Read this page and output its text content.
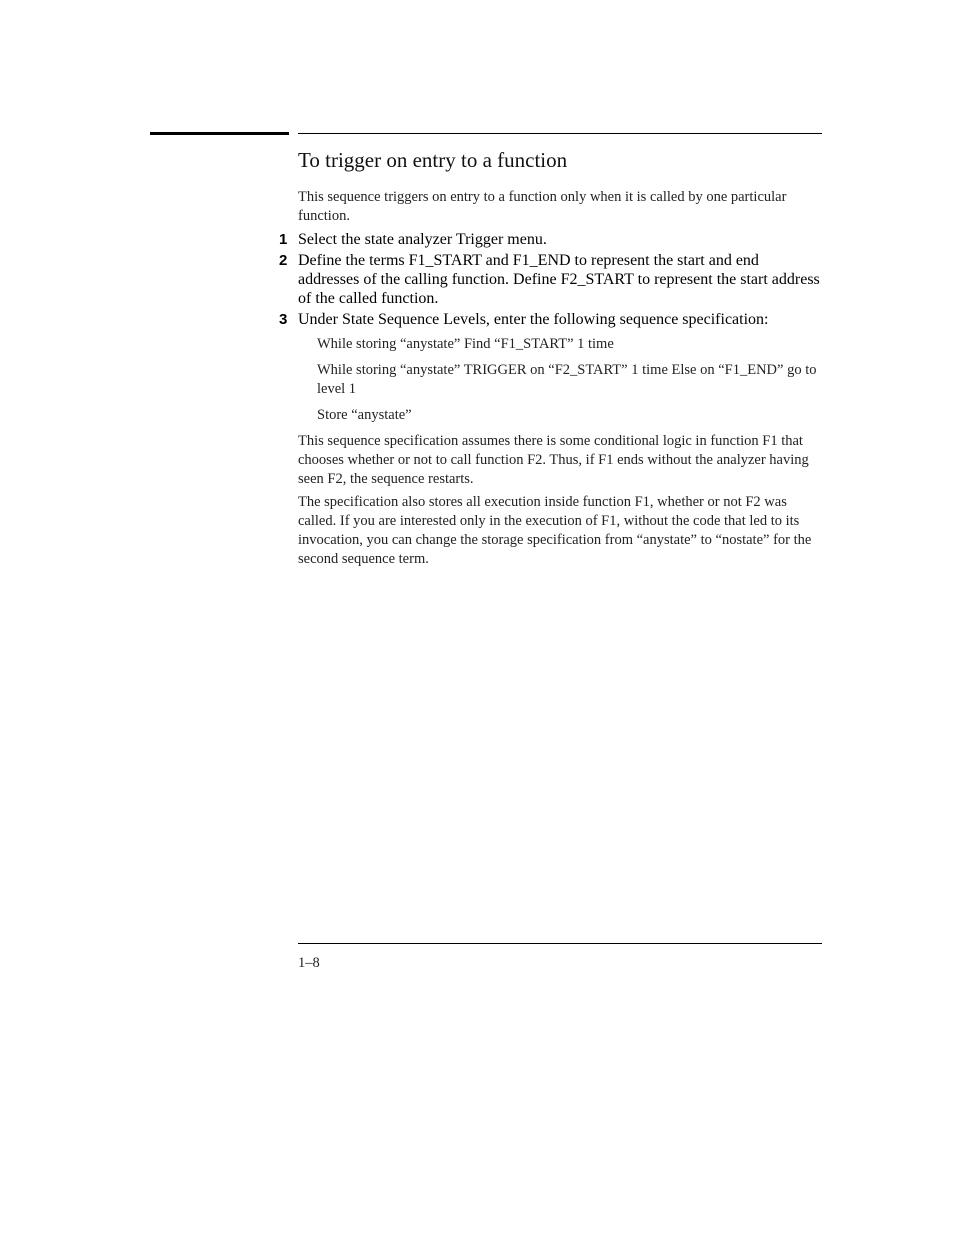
To trigger on entry to a function

This sequence triggers on entry to a function only when it is called by one particular function.

1 Select the state analyzer Trigger menu.
2 Define the terms F1_START and F1_END to represent the start and end addresses of the calling function. Define F2_START to represent the start address of the called function.
3 Under State Sequence Levels, enter the following sequence specification:

While storing “anystate” Find “F1_START” 1 time

While storing “anystate” TRIGGER on “F2_START” 1 time Else on “F1_END” go to level 1

Store “anystate”

This sequence specification assumes there is some conditional logic in function F1 that chooses whether or not to call function F2. Thus, if F1 ends without the analyzer having seen F2, the sequence restarts.

The specification also stores all execution inside function F1, whether or not F2 was called. If you are interested only in the execution of F1, without the code that led to its invocation, you can change the storage specification from “anystate” to “nostate” for the second sequence term.

1–8
